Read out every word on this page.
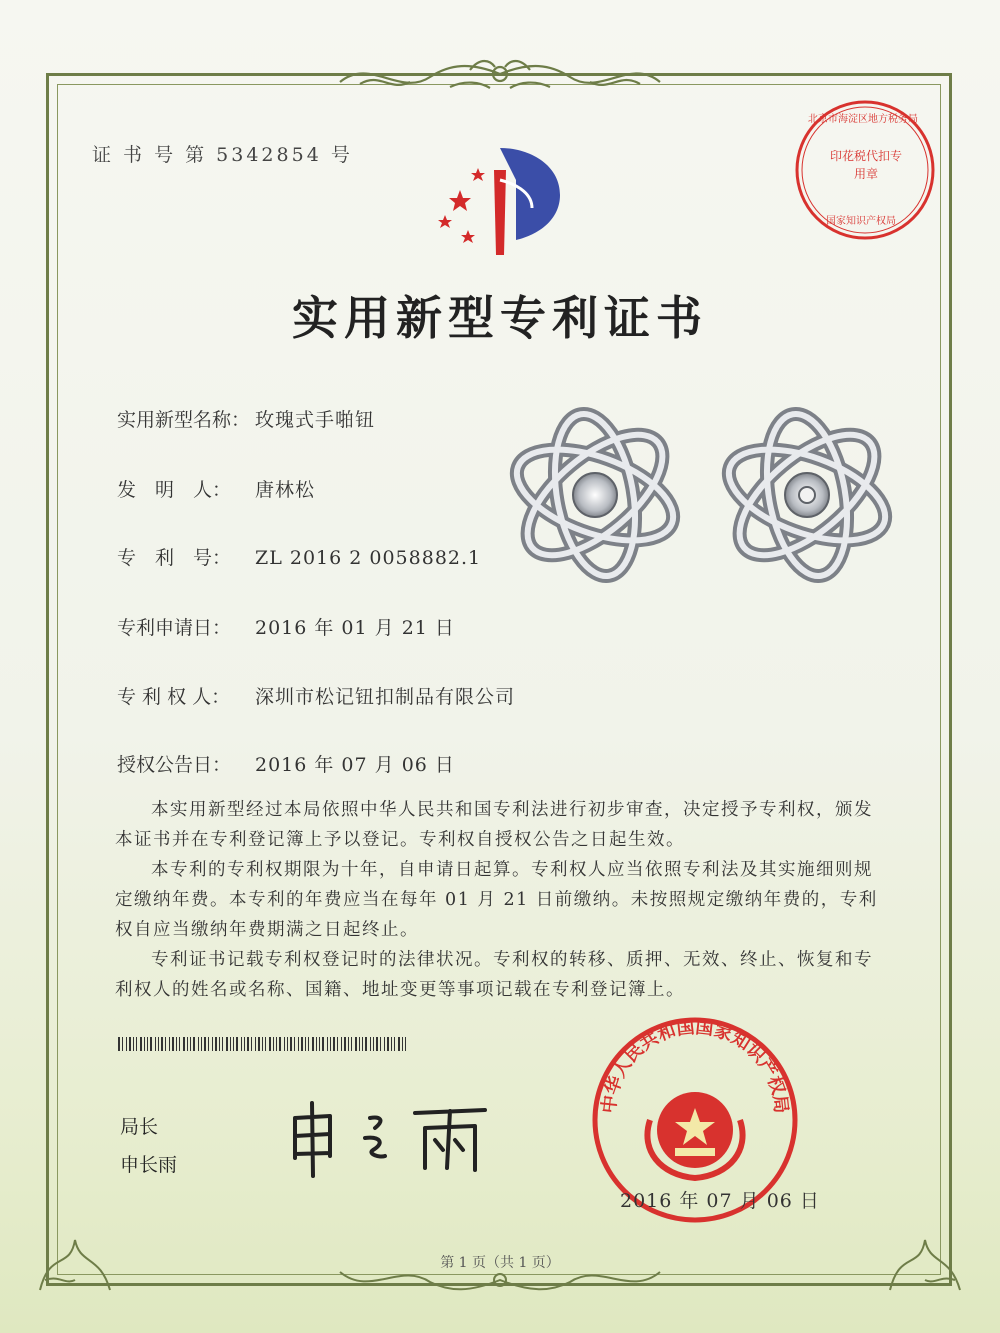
证 书 号 第 5342854 号
实用新型专利证书
实用新型名称： 玫瑰式手啪钮
发　明　人： 唐林松
专　利　号： ZL 2016 2 0058882.1
专利申请日： 2016 年 01 月 21 日
专 利 权 人： 深圳市松记钮扣制品有限公司
授权公告日： 2016 年 07 月 06 日
印花税代扣专用章
北京市海淀区地方税务局
国家知识产权局

本实用新型经过本局依照中华人民共和国专利法进行初步审查，决定授予专利权，颁发本证书并在专利登记簿上予以登记。专利权自授权公告之日起生效。

本专利的专利权期限为十年，自申请日起算。专利权人应当依照专利法及其实施细则规定缴纳年费。本专利的年费应当在每年 01 月 21 日前缴纳。未按照规定缴纳年费的，专利权自应当缴纳年费期满之日起终止。

专利证书记载专利权登记时的法律状况。专利权的转移、质押、无效、终止、恢复和专利权人的姓名或名称、国籍、地址变更等事项记载在专利登记簿上。

局长
申长雨
中华人民共和国国家知识产权局
2016 年 07 月 06 日
第 1 页（共 1 页）
